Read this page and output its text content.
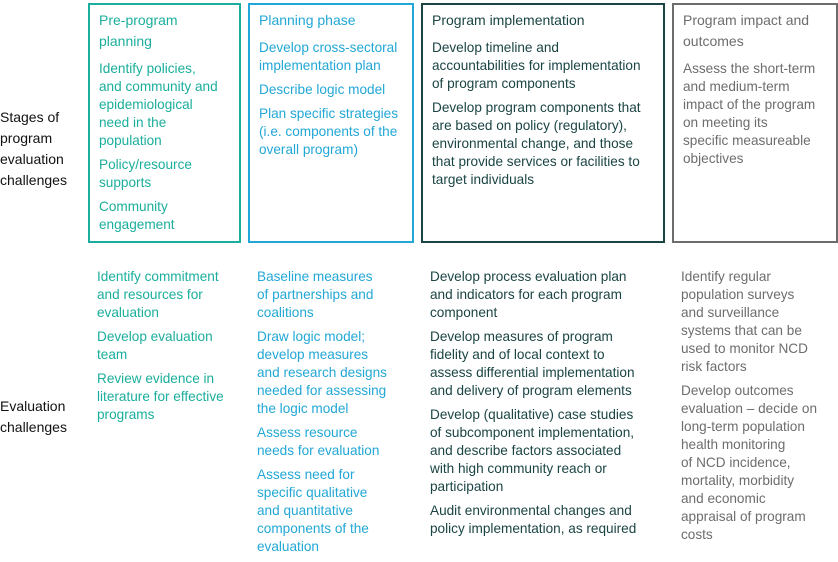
Stages of
program
evaluation
challenges
Evaluation
challenges
Pre-program
planning
Identify policies,
and community and
epidemiological
need in the
population
Policy/resource
supports
Community
engagement
Planning phase
Develop cross-sectoral
implementation plan
Describe logic model
Plan specific strategies
(i.e. components of the
overall program)
Program implementation
Develop timeline and
accountabilities for implementation
of program components
Develop program components that
are based on policy (regulatory),
environmental change, and those
that provide services or facilities to
target individuals
Program impact and
outcomes
Assess the short-term
and medium-term
impact of the program
on meeting its
specific measureable
objectives
Identify commitment
and resources for
evaluation
Develop evaluation
team
Review evidence in
literature for effective
programs
Baseline measures
of partnerships and
coalitions
Draw logic model;
develop measures
and research designs
needed for assessing
the logic model
Assess resource
needs for evaluation
Assess need for
specific qualitative
and quantitative
components of the
evaluation
Develop process evaluation plan
and indicators for each program
component
Develop measures of program
fidelity and of local context to
assess differential implementation
and delivery of program elements
Develop (qualitative) case studies
of subcomponent implementation,
and describe factors associated
with high community reach or
participation
Audit environmental changes and
policy implementation, as required
Identify regular
population surveys
and surveillance
systems that can be
used to monitor NCD
risk factors
Develop outcomes
evaluation – decide on
long-term population
health monitoring
of NCD incidence,
mortality, morbidity
and economic
appraisal of program
costs
